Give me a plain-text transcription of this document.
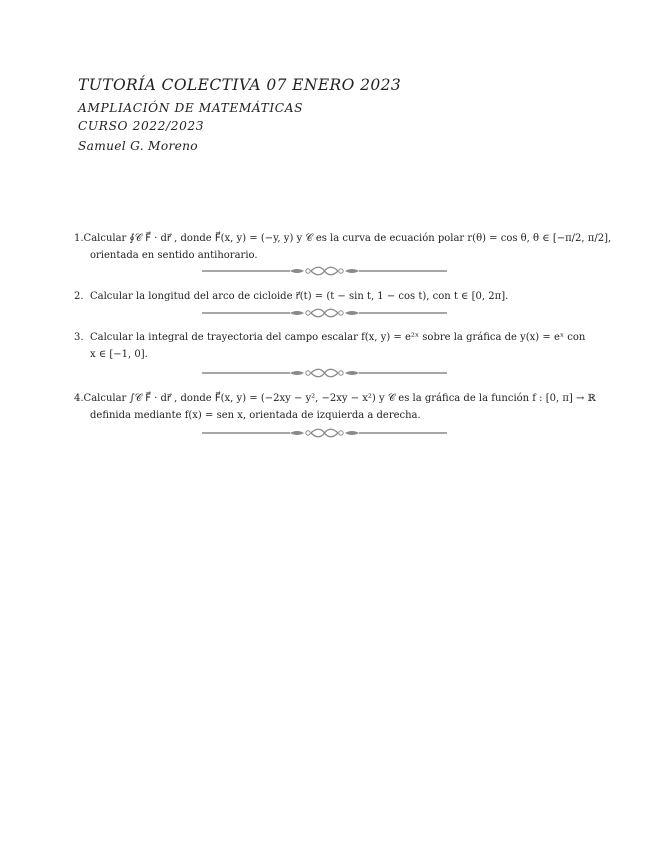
TUTORÍA COLECTIVA 07 ENERO 2023
AMPLIACIÓN DE MATEMÁTICAS
CURSO 2022/2023
Samuel G. Moreno
1. Calcular ∮𝒞 F⃗ · dr⃗ , donde F⃗(x, y) = (−y, y) y 𝒞 es la curva de ecuación polar r(θ) = cos θ, θ ∈ [−π/2, π/2],
orientada en sentido antihorario.
2. Calcular la longitud del arco de cicloide r⃗(t) = (t − sin t, 1 − cos t), con t ∈ [0, 2π].
3. Calcular la integral de trayectoria del campo escalar f(x, y) = e²ˣ sobre la gráfica de y(x) = eˣ con
x ∈ [−1, 0].
4. Calcular ∫𝒞 F⃗ · dr⃗ , donde F⃗(x, y) = (−2xy − y², −2xy − x²) y 𝒞 es la gráfica de la función f : [0, π] → ℝ
definida mediante f(x) = sen x, orientada de izquierda a derecha.
